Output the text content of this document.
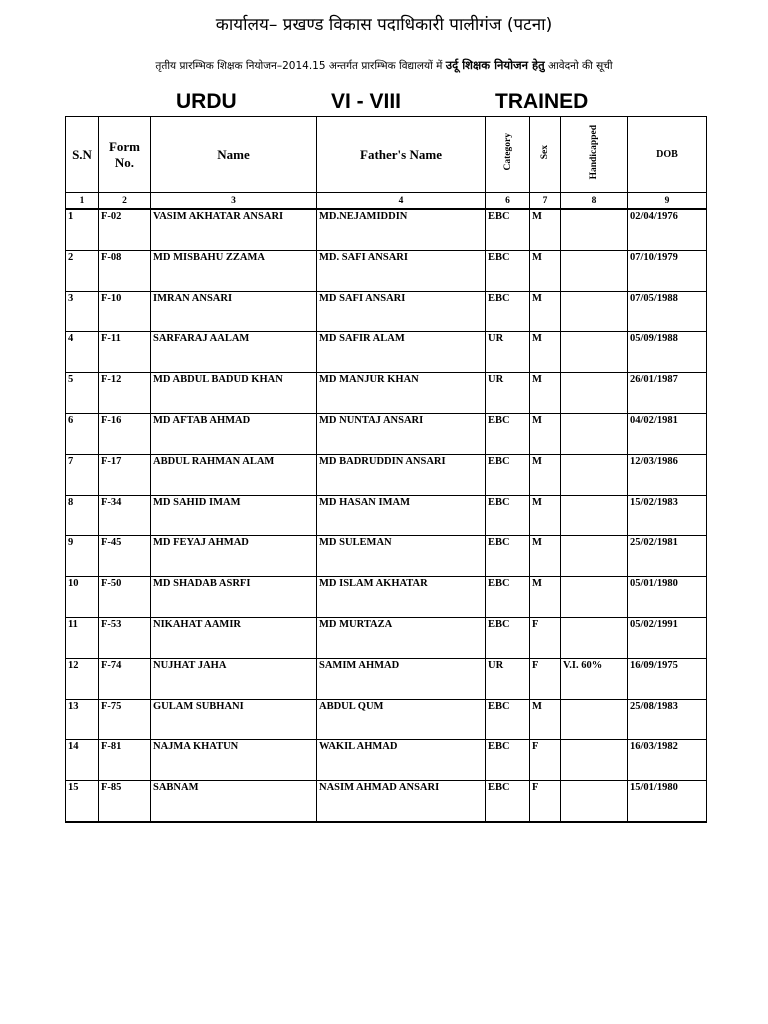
कार्यालय– प्रखण्ड विकास पदाधिकारी पालीगंज (पटना)
तृतीय प्रारम्भिक शिक्षक नियोजन–2014.15 अन्तर्गत प्रारम्भिक विद्यालयों में उर्दू शिक्षक नियोजन हेतु आवेदनो की सूची
URDU	VI - VIII	TRAINED
S.N	Form No.	Name	Father's Name	Category	Sex	Handicapped	DOB
1	2	3	4	6	7	8	9
1	F-02	VASIM AKHATAR ANSARI	MD.NEJAMIDDIN	EBC	M		02/04/1976
2	F-08	MD MISBAHU ZZAMA	MD. SAFI ANSARI	EBC	M		07/10/1979
3	F-10	IMRAN ANSARI	MD SAFI ANSARI	EBC	M		07/05/1988
4	F-11	SARFARAJ AALAM	MD SAFIR ALAM	UR	M		05/09/1988
5	F-12	MD ABDUL BADUD KHAN	MD MANJUR KHAN	UR	M		26/01/1987
6	F-16	MD AFTAB AHMAD	MD NUNTAJ ANSARI	EBC	M		04/02/1981
7	F-17	ABDUL RAHMAN ALAM	MD BADRUDDIN ANSARI	EBC	M		12/03/1986
8	F-34	MD SAHID IMAM	MD HASAN IMAM	EBC	M		15/02/1983
9	F-45	MD FEYAJ AHMAD	MD SULEMAN	EBC	M		25/02/1981
10	F-50	MD SHADAB ASRFI	MD ISLAM AKHATAR	EBC	M		05/01/1980
11	F-53	NIKAHAT AAMIR	MD MURTAZA	EBC	F		05/02/1991
12	F-74	NUJHAT JAHA	SAMIM AHMAD	UR	F	V.I. 60%	16/09/1975
13	F-75	GULAM SUBHANI	ABDUL QUM	EBC	M		25/08/1983
14	F-81	NAJMA KHATUN	WAKIL AHMAD	EBC	F		16/03/1982
15	F-85	SABNAM	NASIM AHMAD ANSARI	EBC	F		15/01/1980
